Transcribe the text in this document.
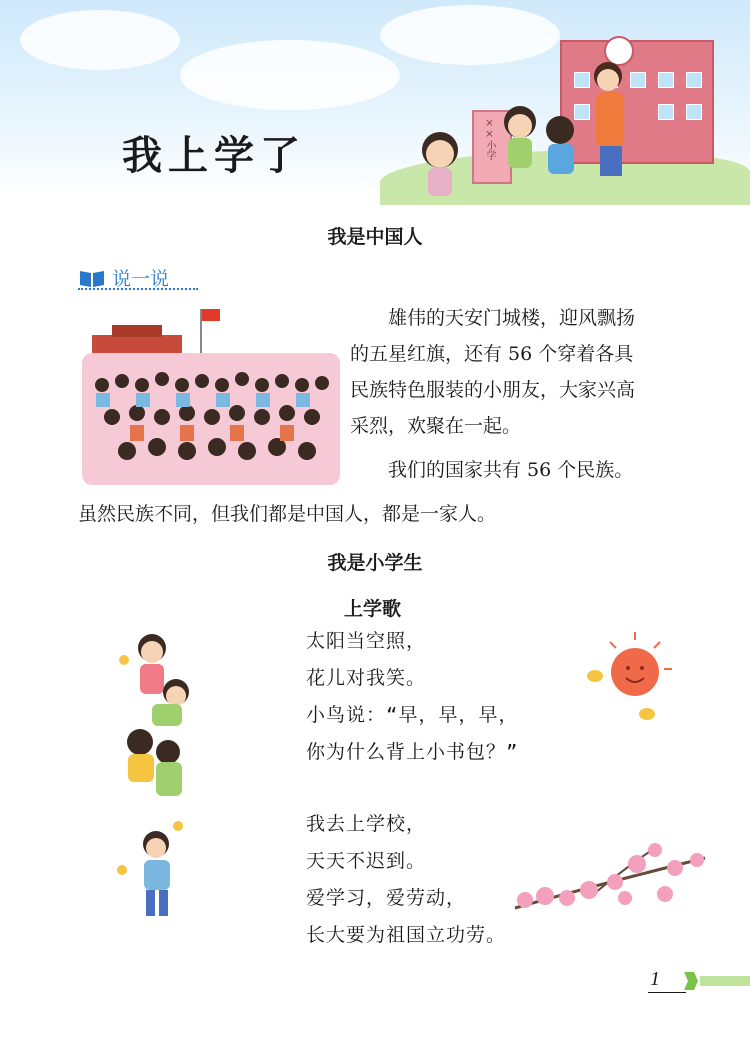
××小学
我上学了
我是中国人
说一说
雄伟的天安门城楼，迎风飘扬
的五星红旗，还有 56 个穿着各具
民族特色服装的小朋友，大家兴高
采烈，欢聚在一起。
我们的国家共有 56 个民族。
虽然民族不同，但我们都是中国人，都是一家人。
我是小学生
上学歌
太阳当空照，
花儿对我笑。
小鸟说：“早，早，早，
你为什么背上小书包？”
我去上学校，
天天不迟到。
爱学习，爱劳动，
长大要为祖国立功劳。
1
